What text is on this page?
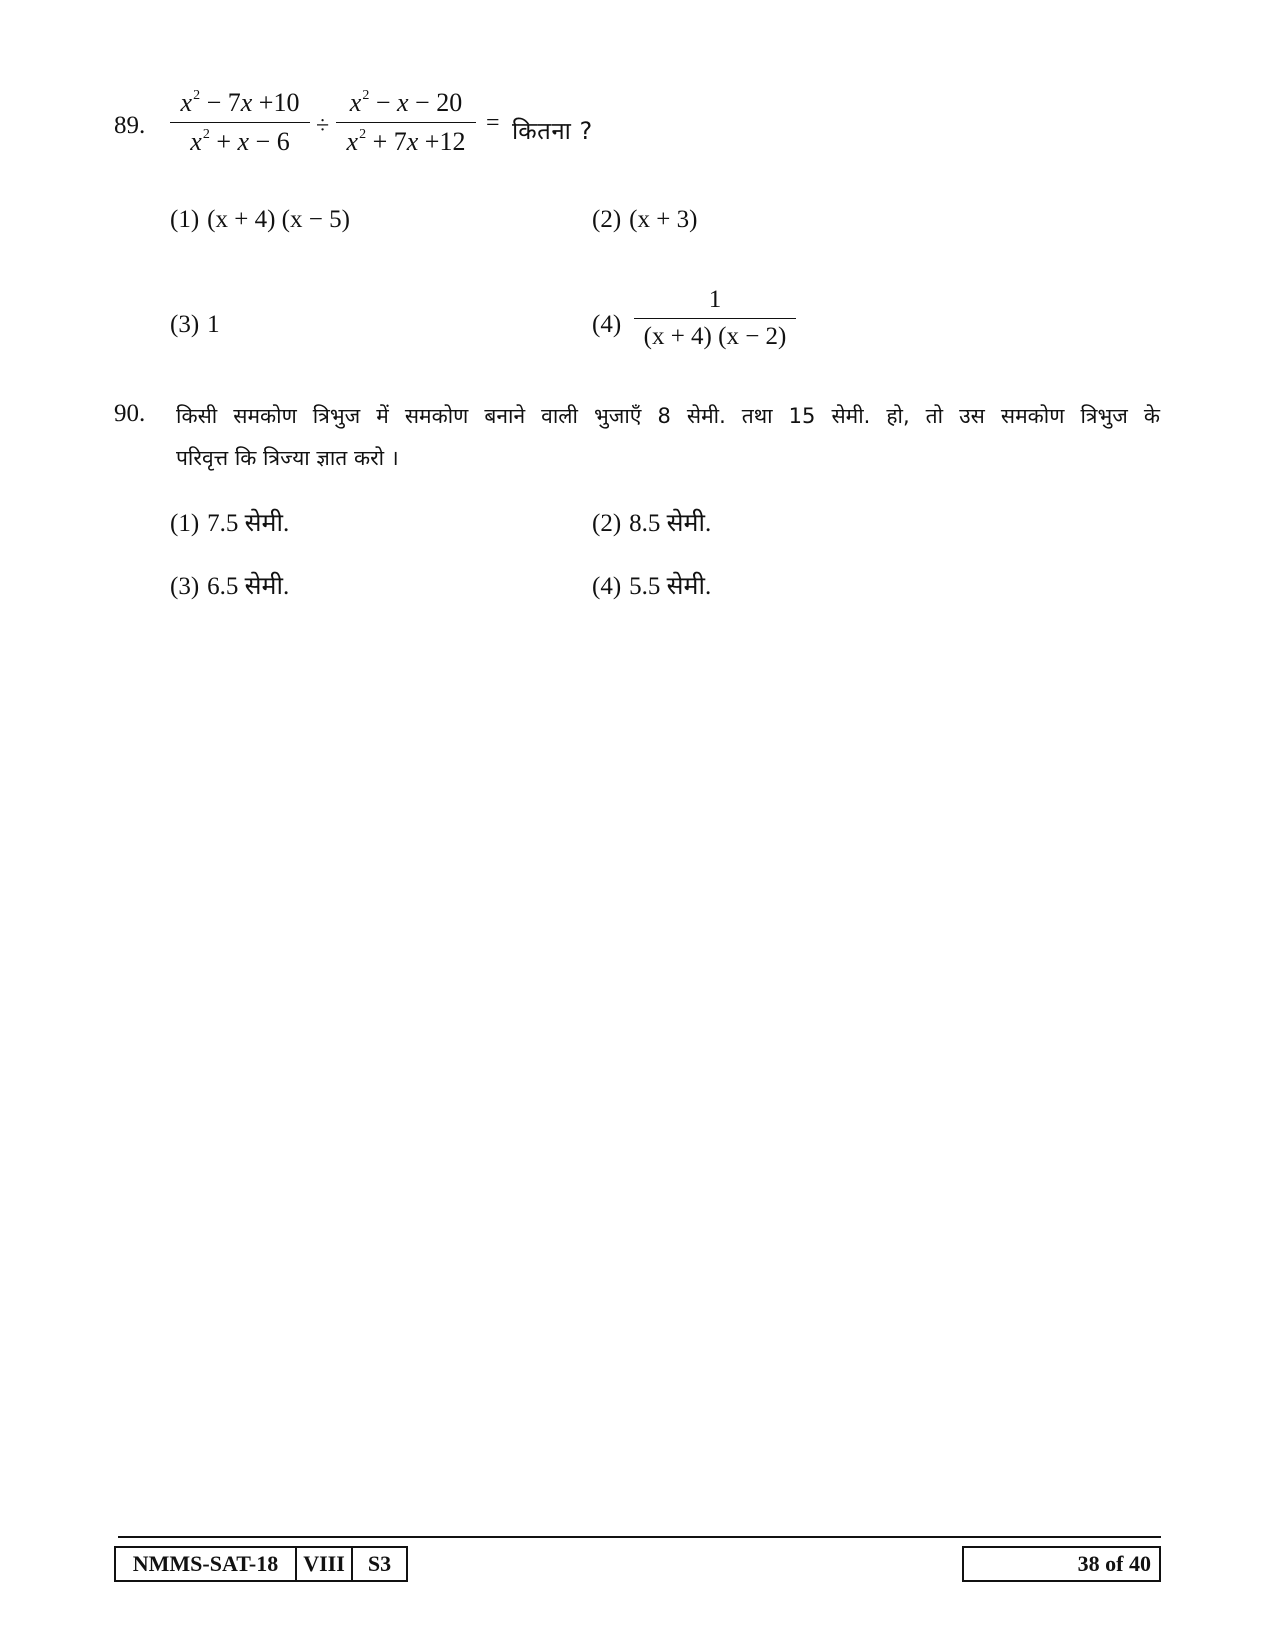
89.
$x^2 - 7x +10$
$x^2 + x - 6$
÷
$x^2 - x - 20$
$x^2 + 7x +12$
= कितना ?
(1) (x + 4) (x − 5)	(2) (x + 3)
(3) 1	(4)
1
(x + 4) (x − 2)
90. किसी समकोण त्रिभुज में समकोण बनाने वाली भुजाएँ 8 सेमी. तथा 15 सेमी. हो, तो उस समकोण त्रिभुज के
परिवृत्त कि त्रिज्या ज्ञात करो ।
(1) 7.5 सेमी.	(2) 8.5 सेमी.
(3) 6.5 सेमी.	(4) 5.5 सेमी.
NMMS-SAT-18	VIII	S3	38 of 40
